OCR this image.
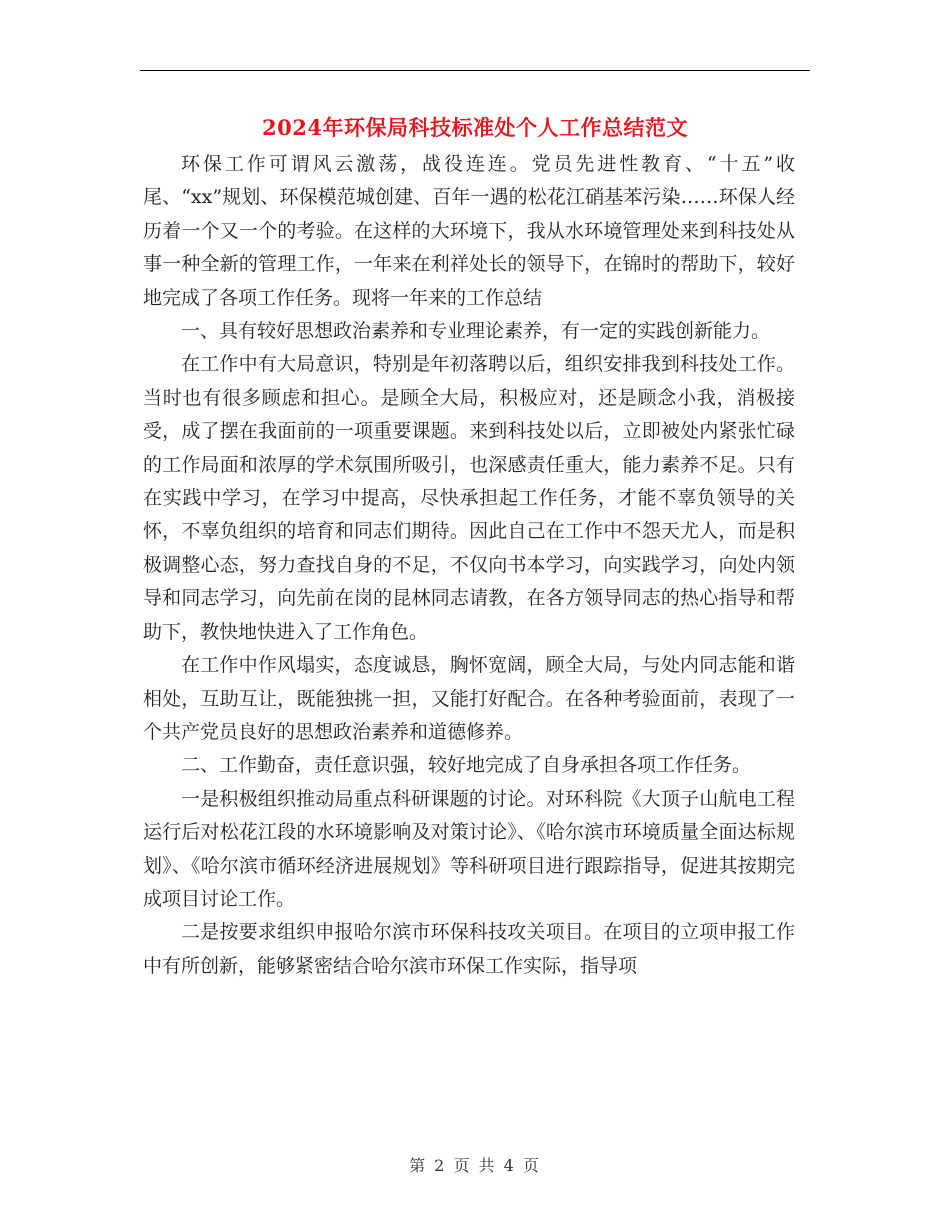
2024年环保局科技标准处个人工作总结范文

环保工作可谓风云激荡，战役连连。党员先进性教育、“十五”收尾、“xx”规划、环保模范城创建、百年一遇的松花江硝基苯污染……环保人经历着一个又一个的考验。在这样的大环境下，我从水环境管理处来到科技处从事一种全新的管理工作，一年来在利祥处长的领导下，在锦时的帮助下，较好地完成了各项工作任务。现将一年来的工作总结

一、具有较好思想政治素养和专业理论素养，有一定的实践创新能力。

在工作中有大局意识，特别是年初落聘以后，组织安排我到科技处工作。当时也有很多顾虑和担心。是顾全大局，积极应对，还是顾念小我，消极接受，成了摆在我面前的一项重要课题。来到科技处以后，立即被处内紧张忙碌的工作局面和浓厚的学术氛围所吸引，也深感责任重大，能力素养不足。只有在实践中学习，在学习中提高，尽快承担起工作任务，才能不辜负领导的关怀，不辜负组织的培育和同志们期待。因此自己在工作中不怨天尤人，而是积极调整心态，努力查找自身的不足，不仅向书本学习，向实践学习，向处内领导和同志学习，向先前在岗的昆林同志请教，在各方领导同志的热心指导和帮助下，教快地快进入了工作角色。

在工作中作风塌实，态度诚恳，胸怀宽阔，顾全大局，与处内同志能和谐相处，互助互让，既能独挑一担，又能打好配合。在各种考验面前，表现了一个共产党员良好的思想政治素养和道德修养。

二、工作勤奋，责任意识强，较好地完成了自身承担各项工作任务。

一是积极组织推动局重点科研课题的讨论。对环科院《大顶子山航电工程运行后对松花江段的水环境影响及对策讨论》、《哈尔滨市环境质量全面达标规划》、《哈尔滨市循环经济进展规划》等科研项目进行跟踪指导，促进其按期完成项目讨论工作。

二是按要求组织申报哈尔滨市环保科技攻关项目。在项目的立项申报工作中有所创新，能够紧密结合哈尔滨市环保工作实际，指导项

第 2 页 共 4 页
